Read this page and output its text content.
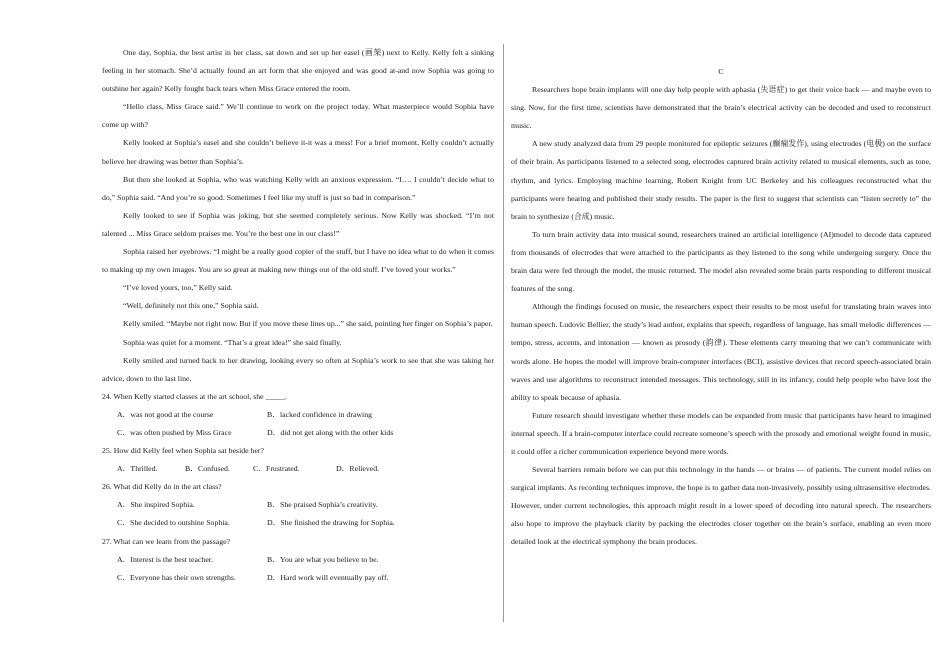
One day, Sophia, the best artist in her class, sat down and set up her easel (画架) next to Kelly. Kelly felt a sinking feeling in her stomach. She’d actually found an art form that she enjoyed and was good at-and now Sophia was going to outshine her again? Kelly fought back tears when Miss Grace entered the room.

“Hello class, Miss Grace said.” We’ll continue to work on the project today. What masterpiece would Sophia have come up with?

Kelly looked at Sophia’s easel and she couldn’t believe it-it was a mess! For a brief moment, Kelly couldn’t actually believe her drawing was better than Sophia’s.

But then she looked at Sophia, who was watching Kelly with an anxious expression. “I…. I couldn’t decide what to do,” Sophia said. “And you’re so good. Sometimes I feel like my stuff is just so bad in comparison.”

Kelly looked to see if Sophia was joking, but she seemed completely serious. Now Kelly was shocked. “I’m not talented ... Miss Grace seldom praises me. You’re the best one in our class!”

Sophia raised her eyebrows. “I might be a really good copier of the stuff, but I have no idea what to do when it comes to making up my own images. You are so great at making new things out of the old stuff. I’ve loved your works.”

“I’ve loved yours, too,” Kelly said.

“Well, definitely not this one,” Sophia said.

Kelly smiled. “Maybe not right now. But if you move these lines up...” she said, pointing her finger on Sophia’s paper.

Sophia was quiet for a moment. “That’s a great idea!” she said finally.

Kelly smiled and turned back to her drawing, looking every so often at Sophia’s work to see that she was taking her advice, down to the last line.

24. When Kelly started classes at the art school, she _____.

A．was not good at the course	B．lacked confidence in drawing
C．was often pushed by Miss Grace	D．did not get along with the other kids

25. How did Kelly feel when Sophia sat beside her?

A．Thrilled.	B．Confused.	C．Frustrated.	D．Relieved.

26. What did Kelly do in the art class?

A．She inspired Sophia.	B．She praised Sophia’s creativity.
C．She decided to outshine Sophia.	D．She finished the drawing for Sophia.

27. What can we learn from the passage?

A．Interest is the best teacher.	B．You are what you believe to be.
C．Everyone has their own strengths.	D．Hard work will eventually pay off.

C

Researchers hope brain implants will one day help people with aphasia (失语症) to get their voice back — and maybe even to sing. Now, for the first time, scientists have demonstrated that the brain’s electrical activity can be decoded and used to reconstruct music.

A new study analyzed data from 29 people monitored for epileptic seizures (癫痫发作), using electrodes (电极) on the surface of their brain. As participants listened to a selected song, electrodes captured brain activity related to musical elements, such as tone, rhythm, and lyrics. Employing machine learning, Robert Knight from UC Berkeley and his colleagues reconstructed what the participants were hearing and published their study results. The paper is the first to suggest that scientists can “listen secretly to” the brain to synthesize (合成) music.

To turn brain activity data into musical sound, researchers trained an artificial intelligence (AI)model to decode data captured from thousands of electrodes that were attached to the participants as they listened to the song while undergoing surgery. Once the brain data were fed through the model, the music returned. The model also revealed some brain parts responding to different musical features of the song.

Although the findings focused on music, the researchers expect their results to be most useful for translating brain waves into human speech. Ludovic Bellier, the study’s lead author, explains that speech, regardless of language, has small melodic differences — tempo, stress, accents, and intonation — known as prosody (韵律). These elements carry meaning that we can’t communicate with words alone. He hopes the model will improve brain-computer interfaces (BCI), assistive devices that record speech-associated brain waves and use algorithms to reconstruct intended messages. This technology, still in its infancy, could help people who have lost the ability to speak because of aphasia.

Future research should investigate whether these models can be expanded from music that participants have heard to imagined internal speech. If a brain-computer interface could recreate someone’s speech with the prosody and emotional weight found in music, it could offer a richer communication experience beyond mere words.

Several barriers remain before we can put this technology in the hands — or brains — of patients. The current model relies on surgical implants. As recording techniques improve, the hope is to gather data non-invasively, possibly using ultrasensitive electrodes. However, under current technologies, this approach might result in a lower speed of decoding into natural speech. The researchers also hope to improve the playback clarity by packing the electrodes closer together on the brain’s surface, enabling an even more detailed look at the electrical symphony the brain produces.
